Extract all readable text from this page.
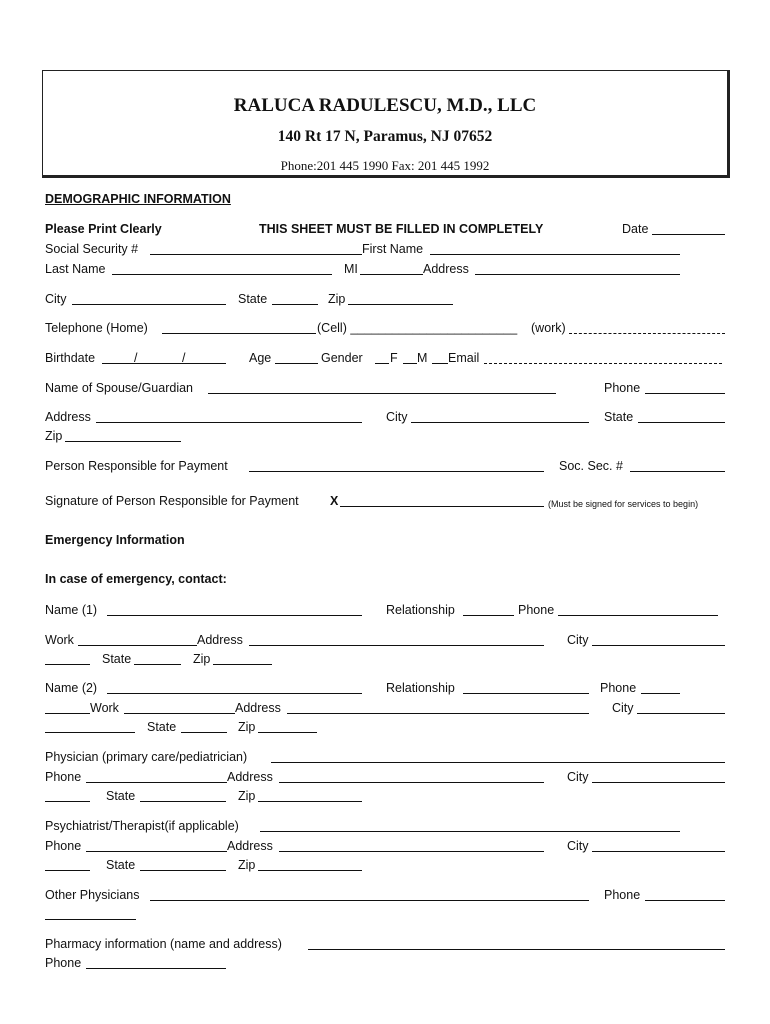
RALUCA RADULESCU, M.D., LLC
140 Rt 17 N, Paramus, NJ 07652
Phone:201 445 1990 Fax: 201 445 1992
DEMOGRAPHIC INFORMATION
Please Print Clearly	THIS SHEET MUST BE FILLED IN COMPLETELY	Date
Social Security #	First Name
Last Name	MI	Address
City	State	Zip
Telephone (Home)	(Cell) ________________________ (work)
Birthdate	/	/	Age	Gender F M Email
Name of Spouse/Guardian	Phone
Address	City	State
Zip
Person Responsible for Payment	Soc. Sec. #
Signature of Person Responsible for Payment	X	(Must be signed for services to begin)
Emergency Information
In case of emergency, contact:
Name (1)	Relationship	Phone
Work	Address	City
State	Zip
Name (2)	Relationship	Phone
Work	Address	City
State	Zip
Physician (primary care/pediatrician)
Phone	Address	City
State	Zip
Psychiatrist/Therapist(if applicable)
Phone	Address	City
State	Zip
Other Physicians	Phone
Pharmacy information (name and address)
Phone
